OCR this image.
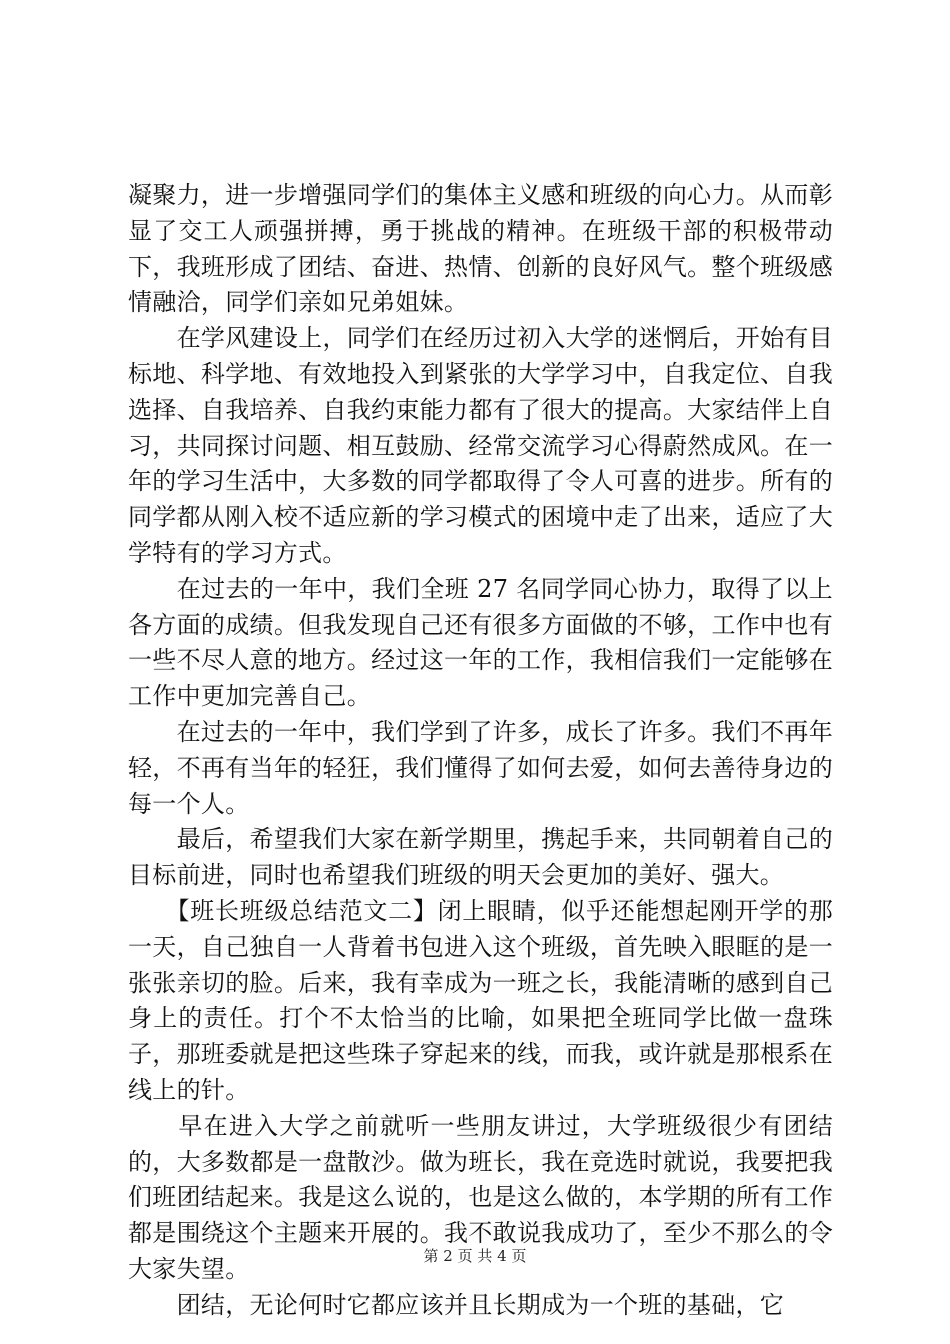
凝聚力，进一步增强同学们的集体主义感和班级的向心力。从而彰显了交工人顽强拼搏，勇于挑战的精神。在班级干部的积极带动下，我班形成了团结、奋进、热情、创新的良好风气。整个班级感情融洽，同学们亲如兄弟姐妹。

　　在学风建设上，同学们在经历过初入大学的迷惘后，开始有目标地、科学地、有效地投入到紧张的大学学习中，自我定位、自我选择、自我培养、自我约束能力都有了很大的提高。大家结伴上自习，共同探讨问题、相互鼓励、经常交流学习心得蔚然成风。在一年的学习生活中，大多数的同学都取得了令人可喜的进步。所有的同学都从刚入校不适应新的学习模式的困境中走了出来，适应了大学特有的学习方式。

　　在过去的一年中，我们全班 27 名同学同心协力，取得了以上各方面的成绩。但我发现自己还有很多方面做的不够，工作中也有一些不尽人意的地方。经过这一年的工作，我相信我们一定能够在工作中更加完善自己。

　　在过去的一年中，我们学到了许多，成长了许多。我们不再年轻，不再有当年的轻狂，我们懂得了如何去爱，如何去善待身边的每一个人。

　　最后，希望我们大家在新学期里，携起手来，共同朝着自己的目标前进，同时也希望我们班级的明天会更加的美好、强大。

　　【班长班级总结范文二】闭上眼睛，似乎还能想起刚开学的那一天，自己独自一人背着书包进入这个班级，首先映入眼眶的是一张张亲切的脸。后来，我有幸成为一班之长，我能清晰的感到自己身上的责任。打个不太恰当的比喻，如果把全班同学比做一盘珠子，那班委就是把这些珠子穿起来的线，而我，或许就是那根系在线上的针。

　　早在进入大学之前就听一些朋友讲过，大学班级很少有团结的，大多数都是一盘散沙。做为班长，我在竞选时就说，我要把我们班团结起来。我是这么说的，也是这么做的，本学期的所有工作都是围绕这个主题来开展的。我不敢说我成功了，至少不那么的令大家失望。

　　团结，无论何时它都应该并且长期成为一个班的基础，它

第 2 页 共 4 页
